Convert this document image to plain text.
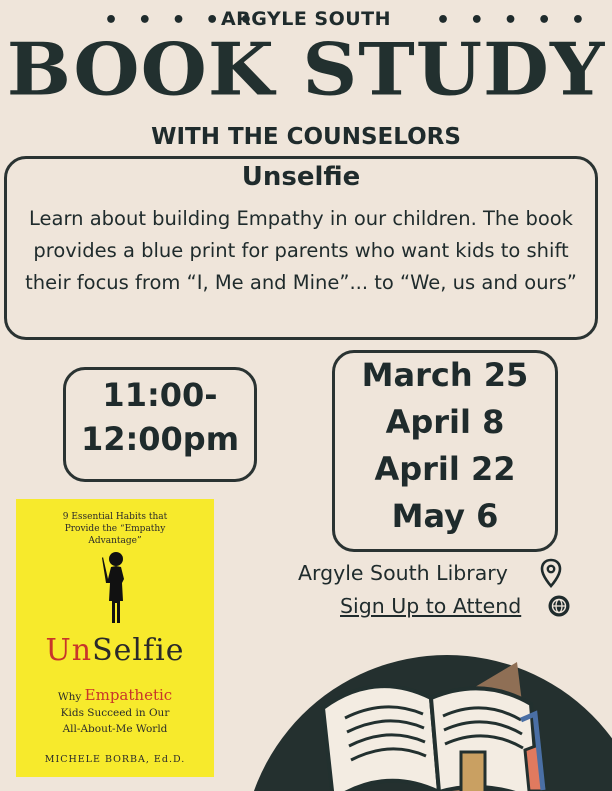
• • • • •
ARGYLE SOUTH	• • • • •
BOOK STUDY
WITH THE COUNSELORS
Unselfie
Learn about building Empathy in our children. The book provides a blue print for parents who want kids to shift their focus from “I, Me and Mine”... to “We, us and ours”
11:00-
12:00pm
March 25
April 8
April 22
May 6
Argyle South Library
Sign Up to Attend
9 Essential Habits that Provide the “Empathy Advantage”
UnSelfie
Why Empathetic
Kids Succeed in Our All-About-Me World
MICHELE BORBA, Ed.D.
